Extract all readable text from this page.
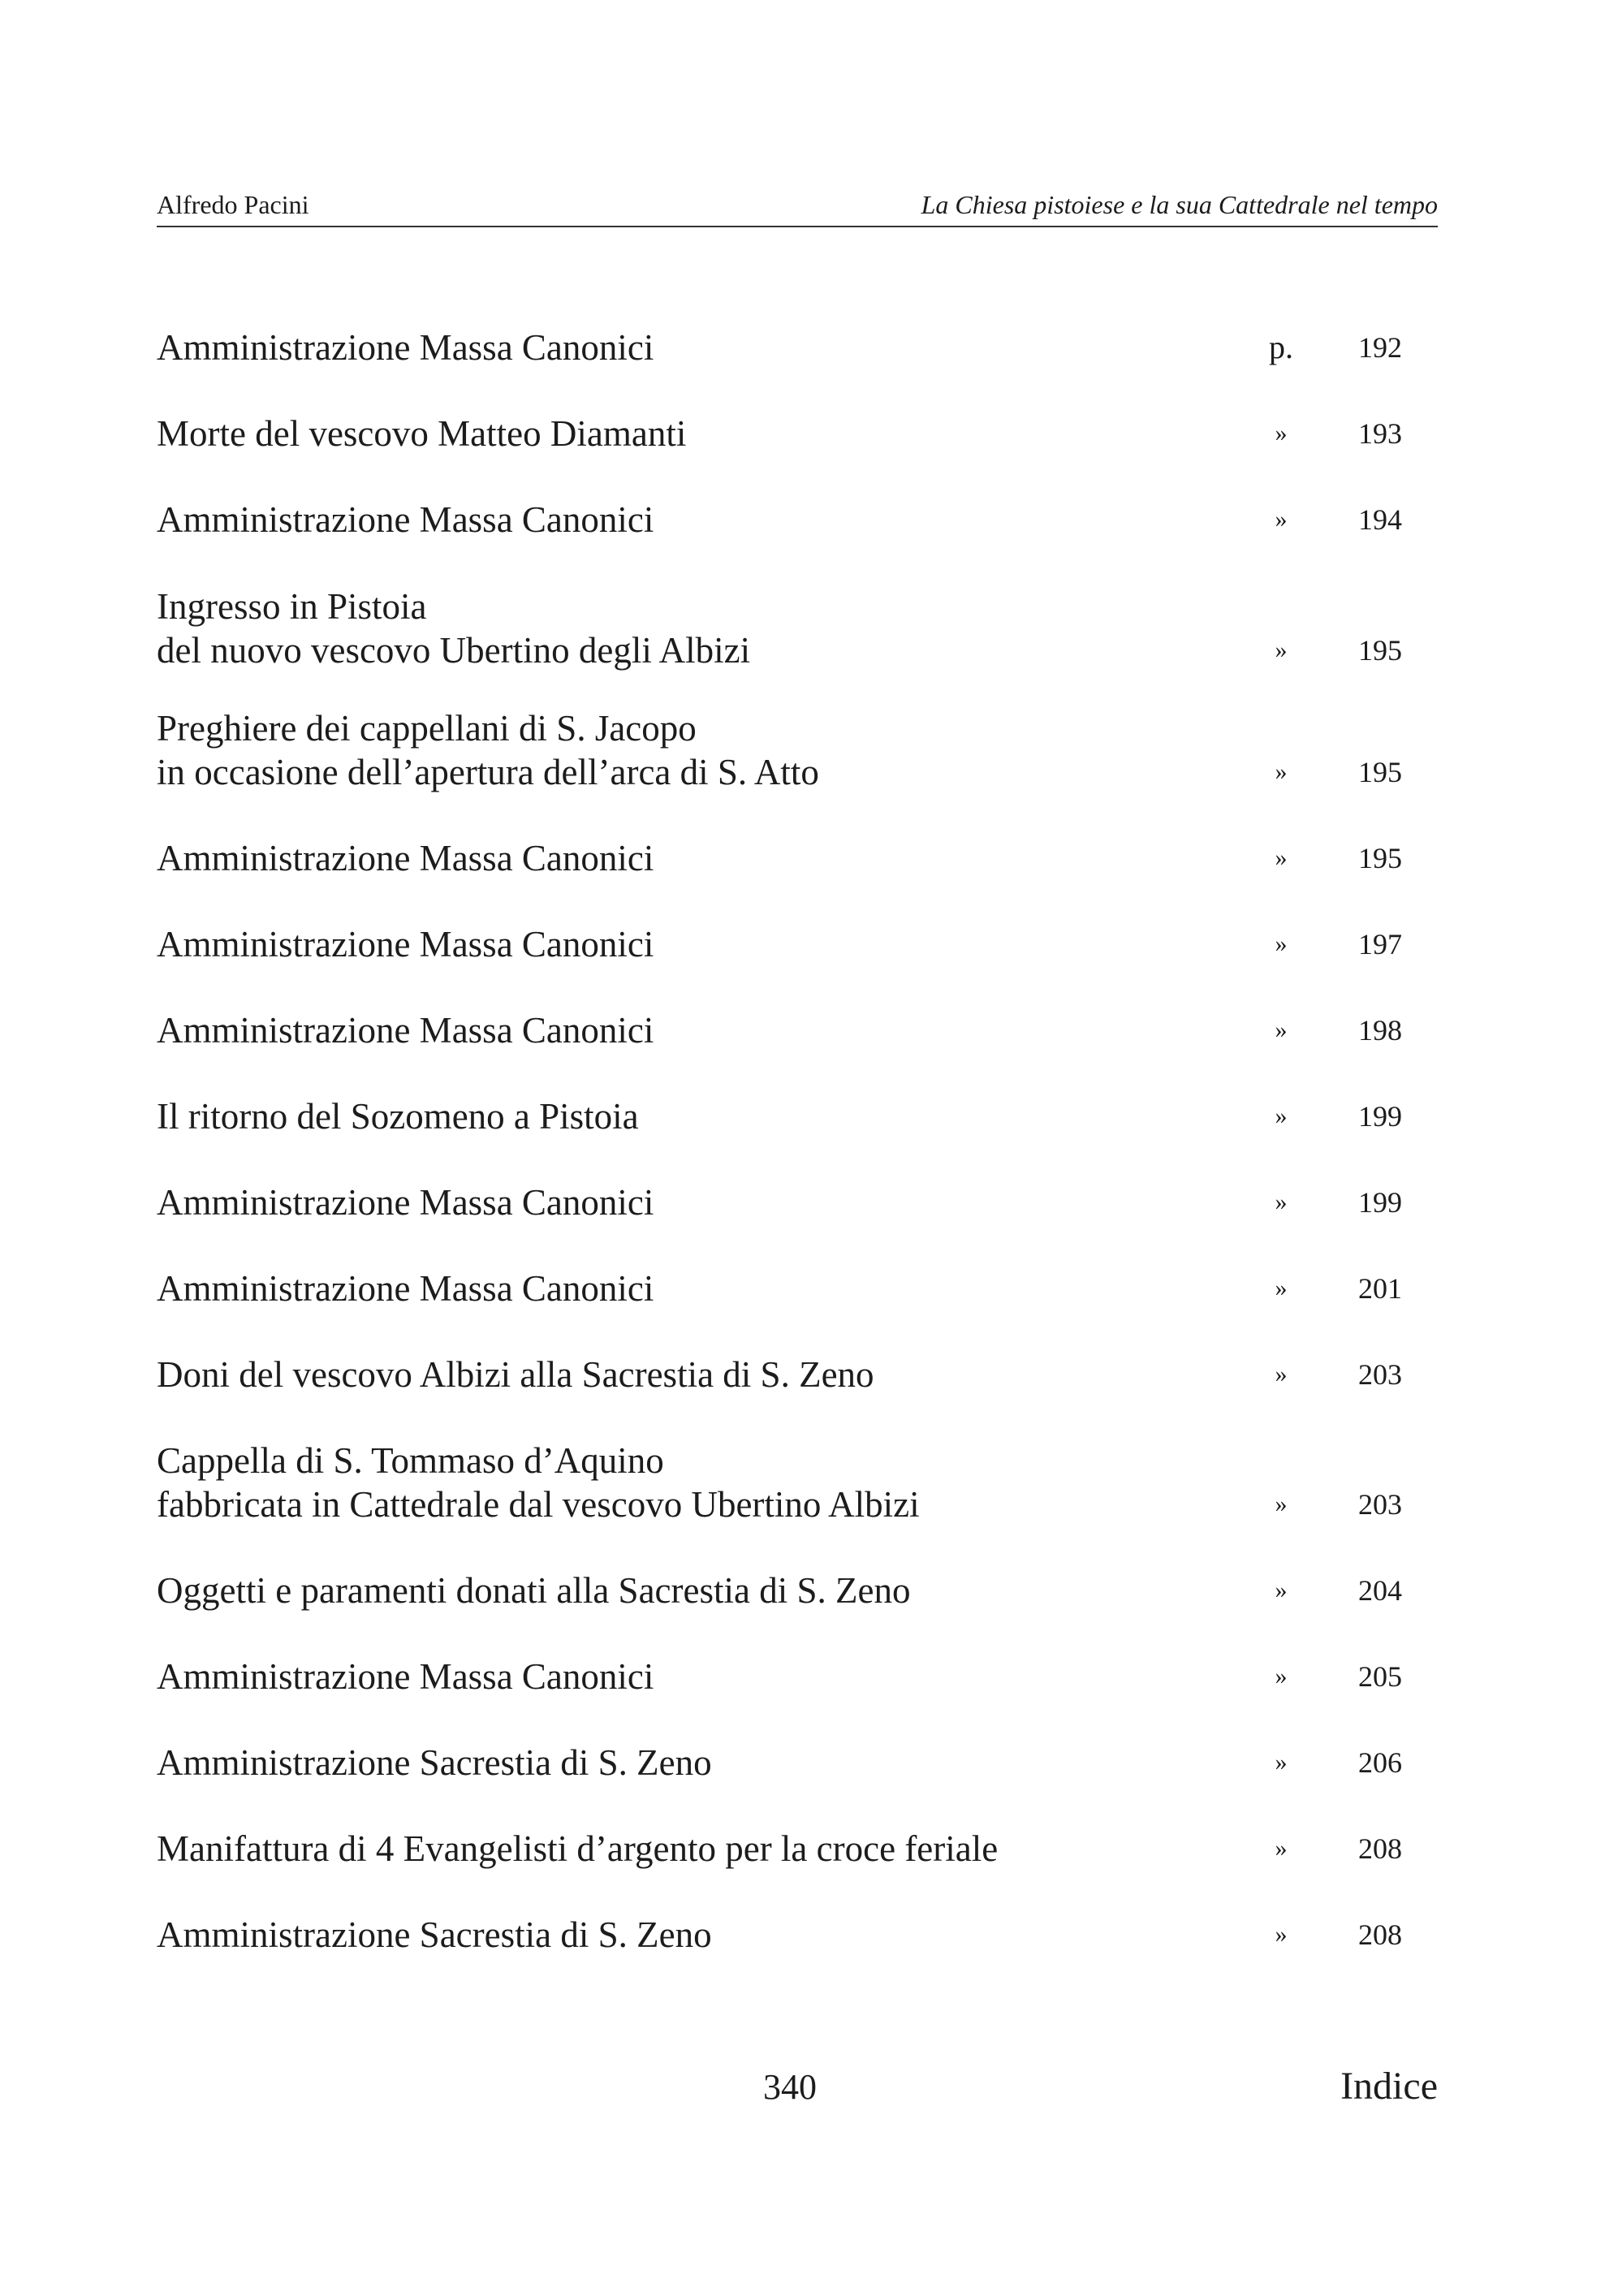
Alfredo Pacini	La Chiesa pistoiese e la sua Cattedrale nel tempo
Amministrazione Massa Canonici	p. 192
Morte del vescovo Matteo Diamanti	»	193
Amministrazione Massa Canonici	»	194
Ingresso in Pistoia
del nuovo vescovo Ubertino degli Albizi	»	195
Preghiere dei cappellani di S. Jacopo
in occasione dell’apertura dell’arca di S. Atto	»	195
Amministrazione Massa Canonici	»	195
Amministrazione Massa Canonici	»	197
Amministrazione Massa Canonici	»	198
Il ritorno del Sozomeno a Pistoia	»	199
Amministrazione Massa Canonici	»	199
Amministrazione Massa Canonici	»	201
Doni del vescovo Albizi alla Sacrestia di S. Zeno	»	203
Cappella di S. Tommaso d’Aquino
fabbricata in Cattedrale dal vescovo Ubertino Albizi	»	203
Oggetti e paramenti donati alla Sacrestia di S. Zeno	»	204
Amministrazione Massa Canonici	»	205
Amministrazione Sacrestia di S. Zeno	»	206
Manifattura di 4 Evangelisti d’argento per la croce feriale	»	208
Amministrazione Sacrestia di S. Zeno	»	208
340	Indice
